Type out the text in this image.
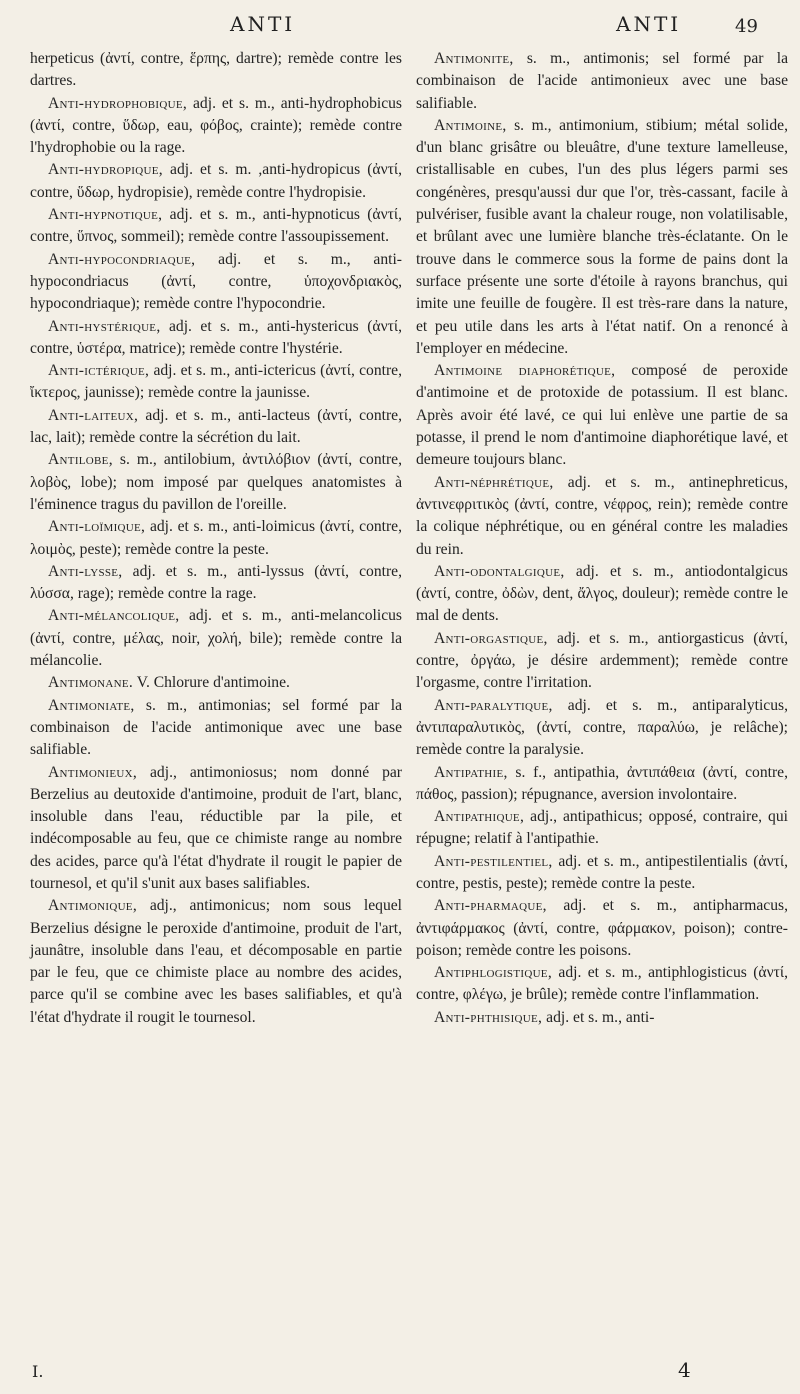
ANTI	ANTI	49

herpeticus (ἀντί, contre, ἕρπης, dartre); remède contre les dartres.

Anti-hydrophobique, adj. et s. m., anti-hydrophobicus (ἀντί, contre, ὕδωρ, eau, φόβος, crainte); remède contre l'hydrophobie ou la rage.

Anti-hydropique, adj. et s. m. ,anti-hydropicus (ἀντί, contre, ὕδωρ, hydropisie), remède contre l'hydropisie.

Anti-hypnotique, adj. et s. m., anti-hypnoticus (ἀντί, contre, ὕπνος, sommeil); remède contre l'assoupissement.

Anti-hypocondriaque, adj. et s. m., anti-hypocondriacus (ἀντί, contre, ὑποχονδριακὸς, hypocondriaque); remède contre l'hypocondrie.

Anti-hystérique, adj. et s. m., anti-hystericus (ἀντί, contre, ὑστέρα, matrice); remède contre l'hystérie.

Anti-ictérique, adj. et s. m., anti-ictericus (ἀντί, contre, ἴκτερος, jaunisse); remède contre la jaunisse.

Anti-laiteux, adj. et s. m., anti-lacteus (ἀντί, contre, lac, lait); remède contre la sécrétion du lait.

Antilobe, s. m., antilobium, ἀντιλόβιον (ἀντί, contre, λοβὸς, lobe); nom imposé par quelques anatomistes à l'éminence tragus du pavillon de l'oreille.

Anti-loïmique, adj. et s. m., anti-loimicus (ἀντί, contre, λοιμὸς, peste); remède contre la peste.

Anti-lysse, adj. et s. m., anti-lyssus (ἀντί, contre, λύσσα, rage); remède contre la rage.

Anti-mélancolique, adj. et s. m., anti-melancolicus (ἀντί, contre, μέλας, noir, χολή, bile); remède contre la mélancolie.

Antimonane. V. Chlorure d'antimoine.

Antimoniate, s. m., antimonias; sel formé par la combinaison de l'acide antimonique avec une base salifiable.

Antimonieux, adj., antimoniosus; nom donné par Berzelius au deutoxide d'antimoine, produit de l'art, blanc, insoluble dans l'eau, réductible par la pile, et indécomposable au feu, que ce chimiste range au nombre des acides, parce qu'à l'état d'hydrate il rougit le papier de tournesol, et qu'il s'unit aux bases salifiables.

Antimonique, adj., antimonicus; nom sous lequel Berzelius désigne le peroxide d'antimoine, produit de l'art, jaunâtre, insoluble dans l'eau, et décomposable en partie par le feu, que ce chimiste place au nombre des acides, parce qu'il se combine avec les bases salifiables, et qu'à l'état d'hydrate il rougit le tournesol.

Antimonite, s. m., antimonis; sel formé par la combinaison de l'acide antimonieux avec une base salifiable.

Antimoine, s. m., antimonium, stibium; métal solide, d'un blanc grisâtre ou bleuâtre, d'une texture lamelleuse, cristallisable en cubes, l'un des plus légers parmi ses congénères, presqu'aussi dur que l'or, très-cassant, facile à pulvériser, fusible avant la chaleur rouge, non volatilisable, et brûlant avec une lumière blanche très-éclatante. On le trouve dans le commerce sous la forme de pains dont la surface présente une sorte d'étoile à rayons branchus, qui imite une feuille de fougère. Il est très-rare dans la nature, et peu utile dans les arts à l'état natif. On a renoncé à l'employer en médecine.

Antimoine diaphorétique, composé de peroxide d'antimoine et de protoxide de potassium. Il est blanc. Après avoir été lavé, ce qui lui enlève une partie de sa potasse, il prend le nom d'antimoine diaphorétique lavé, et demeure toujours blanc.

Anti-néphrétique, adj. et s. m., antinephreticus, ἀντινεφριτικὸς (ἀντί, contre, νέφρος, rein); remède contre la colique néphrétique, ou en général contre les maladies du rein.

Anti-odontalgique, adj. et s. m., antiodontalgicus (ἀντί, contre, ὀδὼν, dent, ἄλγος, douleur); remède contre le mal de dents.

Anti-orgastique, adj. et s. m., antiorgasticus (ἀντί, contre, ὀργάω, je désire ardemment); remède contre l'orgasme, contre l'irritation.

Anti-paralytique, adj. et s. m., antiparalyticus, ἀντιπαραλυτικὸς, (ἀντί, contre, παραλύω, je relâche); remède contre la paralysie.

Antipathie, s. f., antipathia, ἀντιπάθεια (ἀντί, contre, πάθος, passion); répugnance, aversion involontaire.

Antipathique, adj., antipathicus; opposé, contraire, qui répugne; relatif à l'antipathie.

Anti-pestilentiel, adj. et s. m., antipestilentialis (ἀντί, contre, pestis, peste); remède contre la peste.

Anti-pharmaque, adj. et s. m., antipharmacus, ἀντιφάρμακος (ἀντί, contre, φάρμακον, poison); contre-poison; remède contre les poisons.

Antiphlogistique, adj. et s. m., antiphlogisticus (ἀντί, contre, φλέγω, je brûle); remède contre l'inflammation.

Anti-phthisique, adj. et s. m., anti-

I.	4
